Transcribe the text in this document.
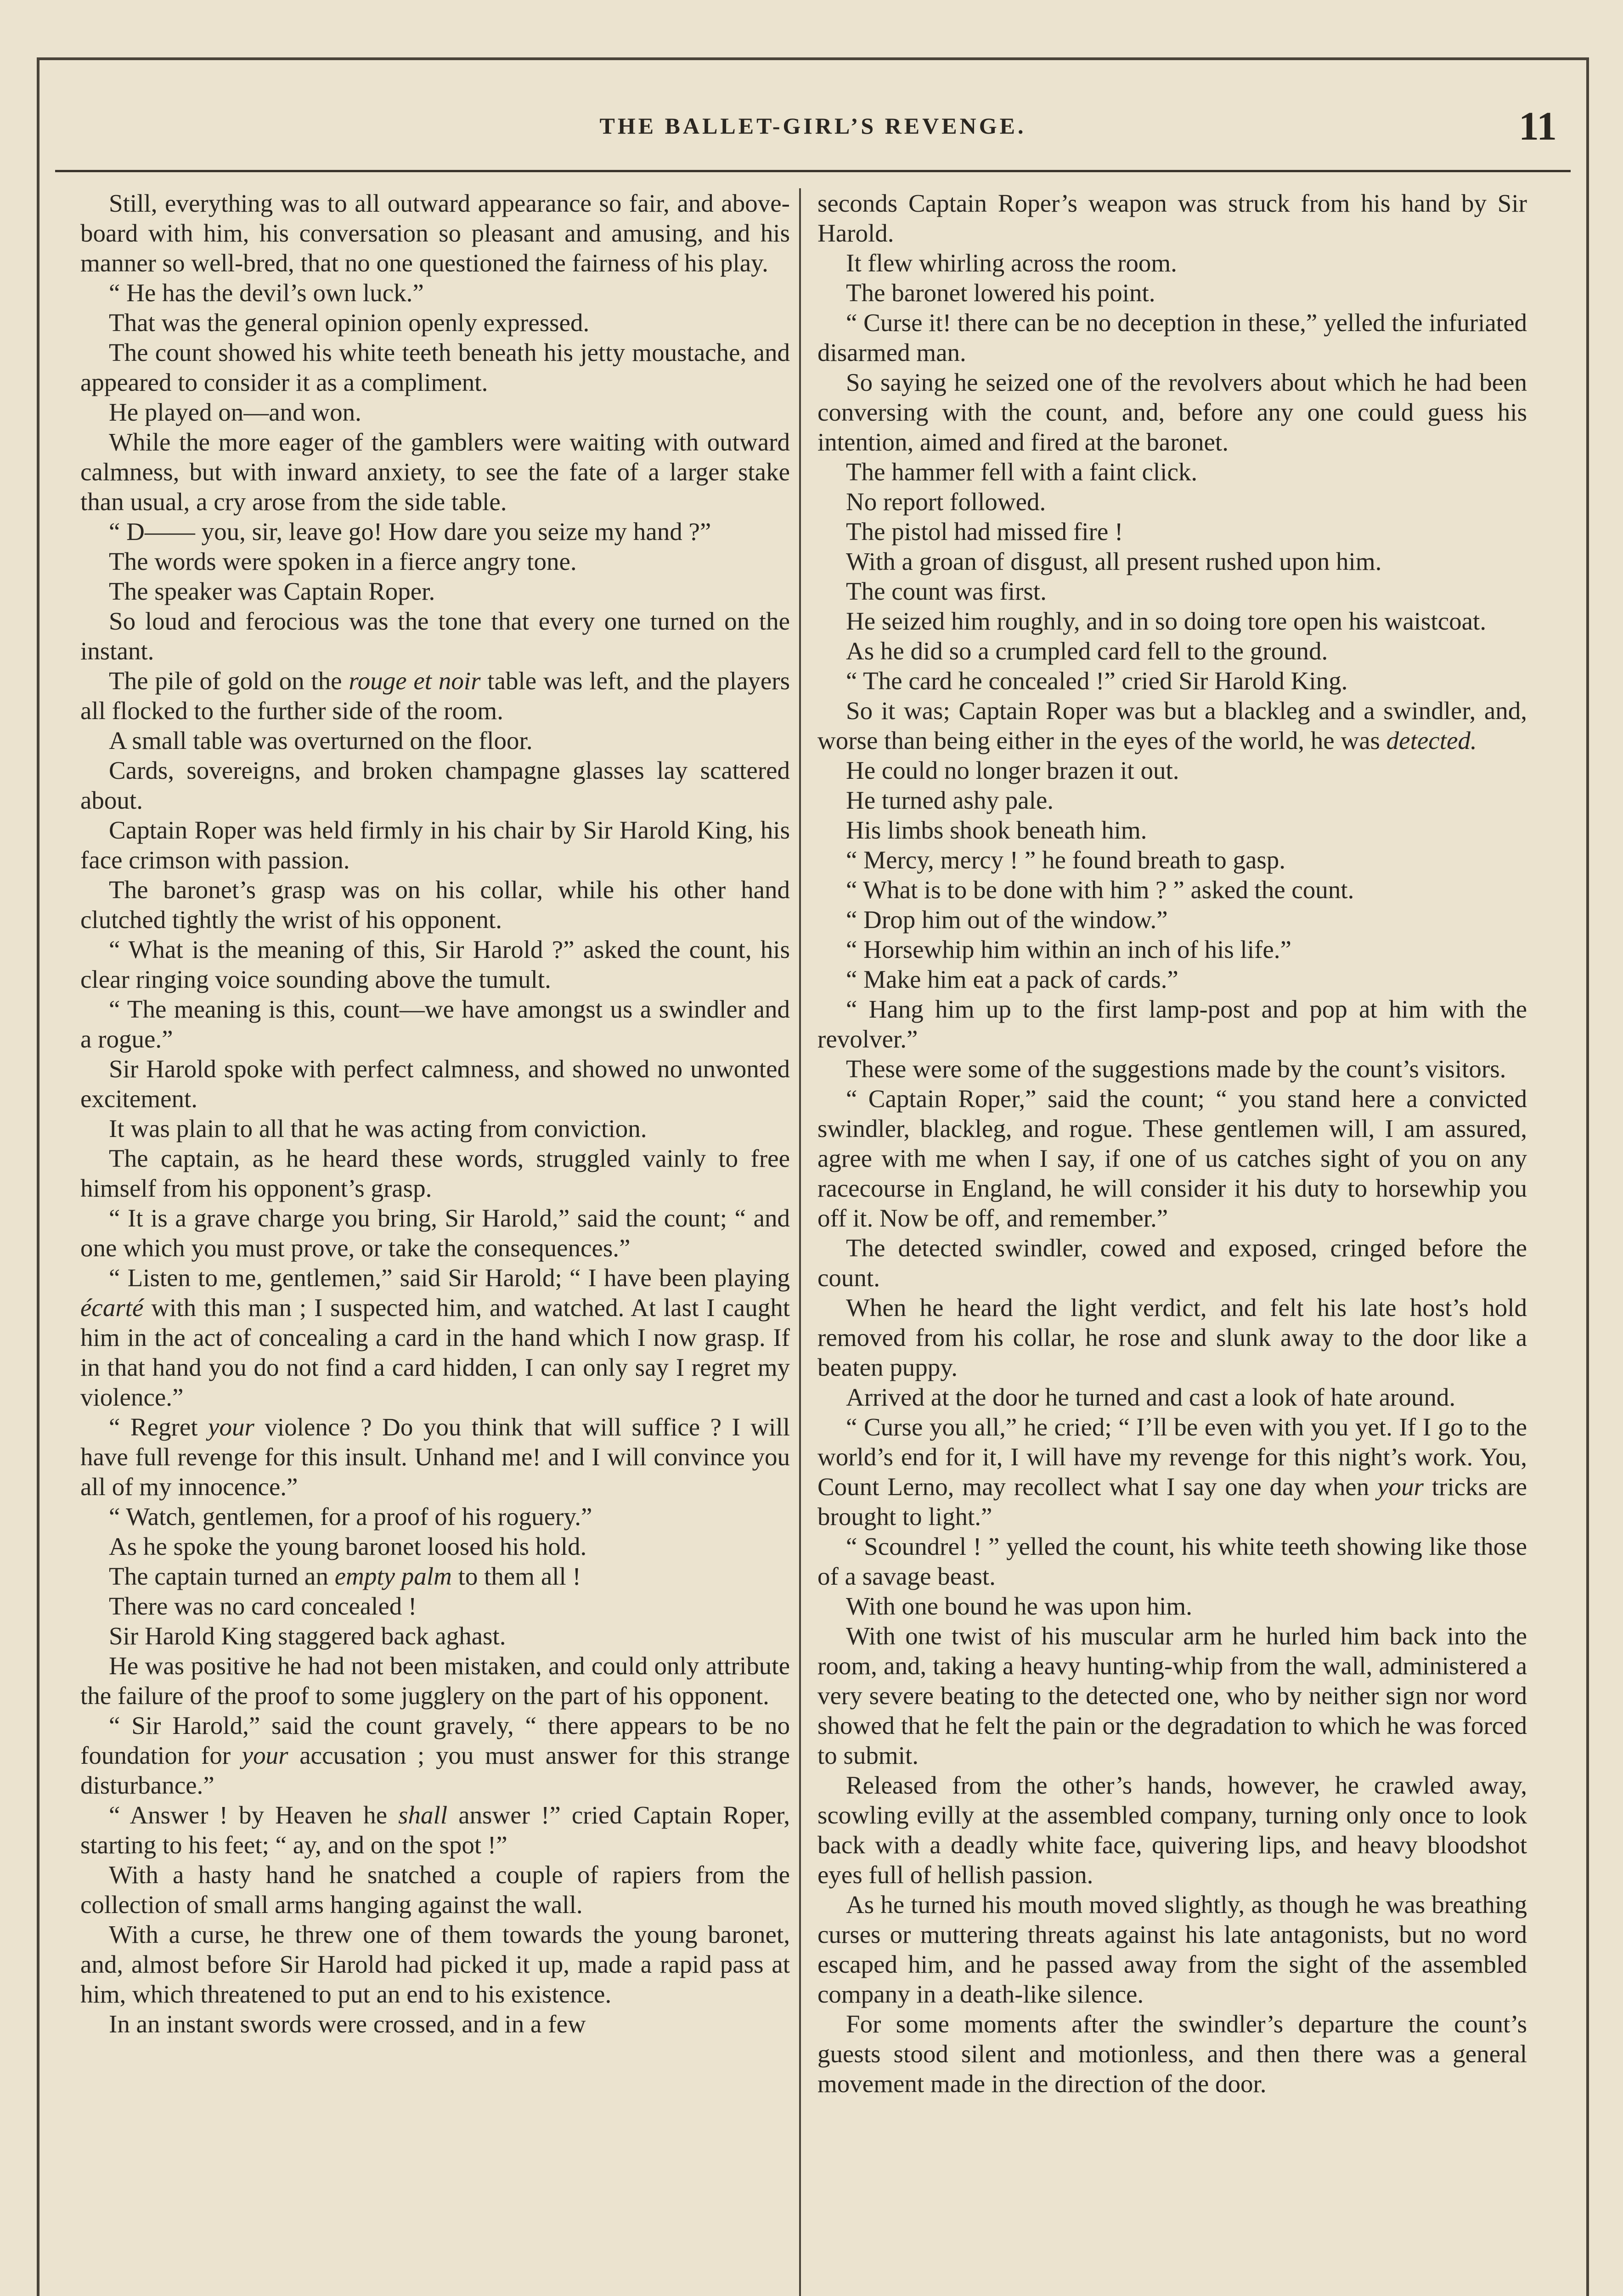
THE BALLET-GIRL’S REVENGE.	11

Still, everything was to all outward appearance so fair, and above-board with him, his conversation so pleasant and amusing, and his manner so well-bred, that no one questioned the fairness of his play.

“ He has the devil’s own luck.”

That was the general opinion openly expressed.

The count showed his white teeth beneath his jetty moustache, and appeared to consider it as a compliment.

He played on—and won.

While the more eager of the gamblers were waiting with outward calmness, but with inward anxiety, to see the fate of a larger stake than usual, a cry arose from the side table.

“ D—— you, sir, leave go! How dare you seize my hand ?”

The words were spoken in a fierce angry tone.

The speaker was Captain Roper.

So loud and ferocious was the tone that every one turned on the instant.

The pile of gold on the rouge et noir table was left, and the players all flocked to the further side of the room.

A small table was overturned on the floor.

Cards, sovereigns, and broken champagne glasses lay scattered about.

Captain Roper was held firmly in his chair by Sir Harold King, his face crimson with passion.

The baronet’s grasp was on his collar, while his other hand clutched tightly the wrist of his opponent.

“ What is the meaning of this, Sir Harold ?” asked the count, his clear ringing voice sounding above the tumult.

“ The meaning is this, count—we have amongst us a swindler and a rogue.”

Sir Harold spoke with perfect calmness, and showed no unwonted excitement.

It was plain to all that he was acting from conviction.

The captain, as he heard these words, struggled vainly to free himself from his opponent’s grasp.

“ It is a grave charge you bring, Sir Harold,” said the count; “ and one which you must prove, or take the consequences.”

“ Listen to me, gentlemen,” said Sir Harold; “ I have been playing écarté with this man ; I suspected him, and watched. At last I caught him in the act of concealing a card in the hand which I now grasp. If in that hand you do not find a card hidden, I can only say I regret my violence.”

“ Regret your violence ? Do you think that will suffice ? I will have full revenge for this insult. Unhand me! and I will convince you all of my innocence.”

“ Watch, gentlemen, for a proof of his roguery.”

As he spoke the young baronet loosed his hold.

The captain turned an empty palm to them all !

There was no card concealed !

Sir Harold King staggered back aghast.

He was positive he had not been mistaken, and could only attribute the failure of the proof to some jugglery on the part of his opponent.

“ Sir Harold,” said the count gravely, “ there appears to be no foundation for your accusation ; you must answer for this strange disturbance.”

“ Answer ! by Heaven he shall answer !” cried Captain Roper, starting to his feet; “ ay, and on the spot !”

With a hasty hand he snatched a couple of rapiers from the collection of small arms hanging against the wall.

With a curse, he threw one of them towards the young baronet, and, almost before Sir Harold had picked it up, made a rapid pass at him, which threatened to put an end to his existence.

In an instant swords were crossed, and in a few

seconds Captain Roper’s weapon was struck from his hand by Sir Harold.

It flew whirling across the room.

The baronet lowered his point.

“ Curse it! there can be no deception in these,” yelled the infuriated disarmed man.

So saying he seized one of the revolvers about which he had been conversing with the count, and, before any one could guess his intention, aimed and fired at the baronet.

The hammer fell with a faint click.

No report followed.

The pistol had missed fire !

With a groan of disgust, all present rushed upon him.

The count was first.

He seized him roughly, and in so doing tore open his waistcoat.

As he did so a crumpled card fell to the ground.

“ The card he concealed !” cried Sir Harold King.

So it was; Captain Roper was but a blackleg and a swindler, and, worse than being either in the eyes of the world, he was detected.

He could no longer brazen it out.

He turned ashy pale.

His limbs shook beneath him.

“ Mercy, mercy ! ” he found breath to gasp.

“ What is to be done with him ? ” asked the count.

“ Drop him out of the window.”

“ Horsewhip him within an inch of his life.”

“ Make him eat a pack of cards.”

“ Hang him up to the first lamp-post and pop at him with the revolver.”

These were some of the suggestions made by the count’s visitors.

“ Captain Roper,” said the count; “ you stand here a convicted swindler, blackleg, and rogue. These gentlemen will, I am assured, agree with me when I say, if one of us catches sight of you on any racecourse in England, he will consider it his duty to horsewhip you off it. Now be off, and remember.”

The detected swindler, cowed and exposed, cringed before the count.

When he heard the light verdict, and felt his late host’s hold removed from his collar, he rose and slunk away to the door like a beaten puppy.

Arrived at the door he turned and cast a look of hate around.

“ Curse you all,” he cried; “ I’ll be even with you yet. If I go to the world’s end for it, I will have my revenge for this night’s work. You, Count Lerno, may recollect what I say one day when your tricks are brought to light.”

“ Scoundrel ! ” yelled the count, his white teeth showing like those of a savage beast.

With one bound he was upon him.

With one twist of his muscular arm he hurled him back into the room, and, taking a heavy hunting-whip from the wall, administered a very severe beating to the detected one, who by neither sign nor word showed that he felt the pain or the degradation to which he was forced to submit.

Released from the other’s hands, however, he crawled away, scowling evilly at the assembled company, turning only once to look back with a deadly white face, quivering lips, and heavy bloodshot eyes full of hellish passion.

As he turned his mouth moved slightly, as though he was breathing curses or muttering threats against his late antagonists, but no word escaped him, and he passed away from the sight of the assembled company in a death-like silence.

For some moments after the swindler’s departure the count’s guests stood silent and motionless, and then there was a general movement made in the direction of the door.
